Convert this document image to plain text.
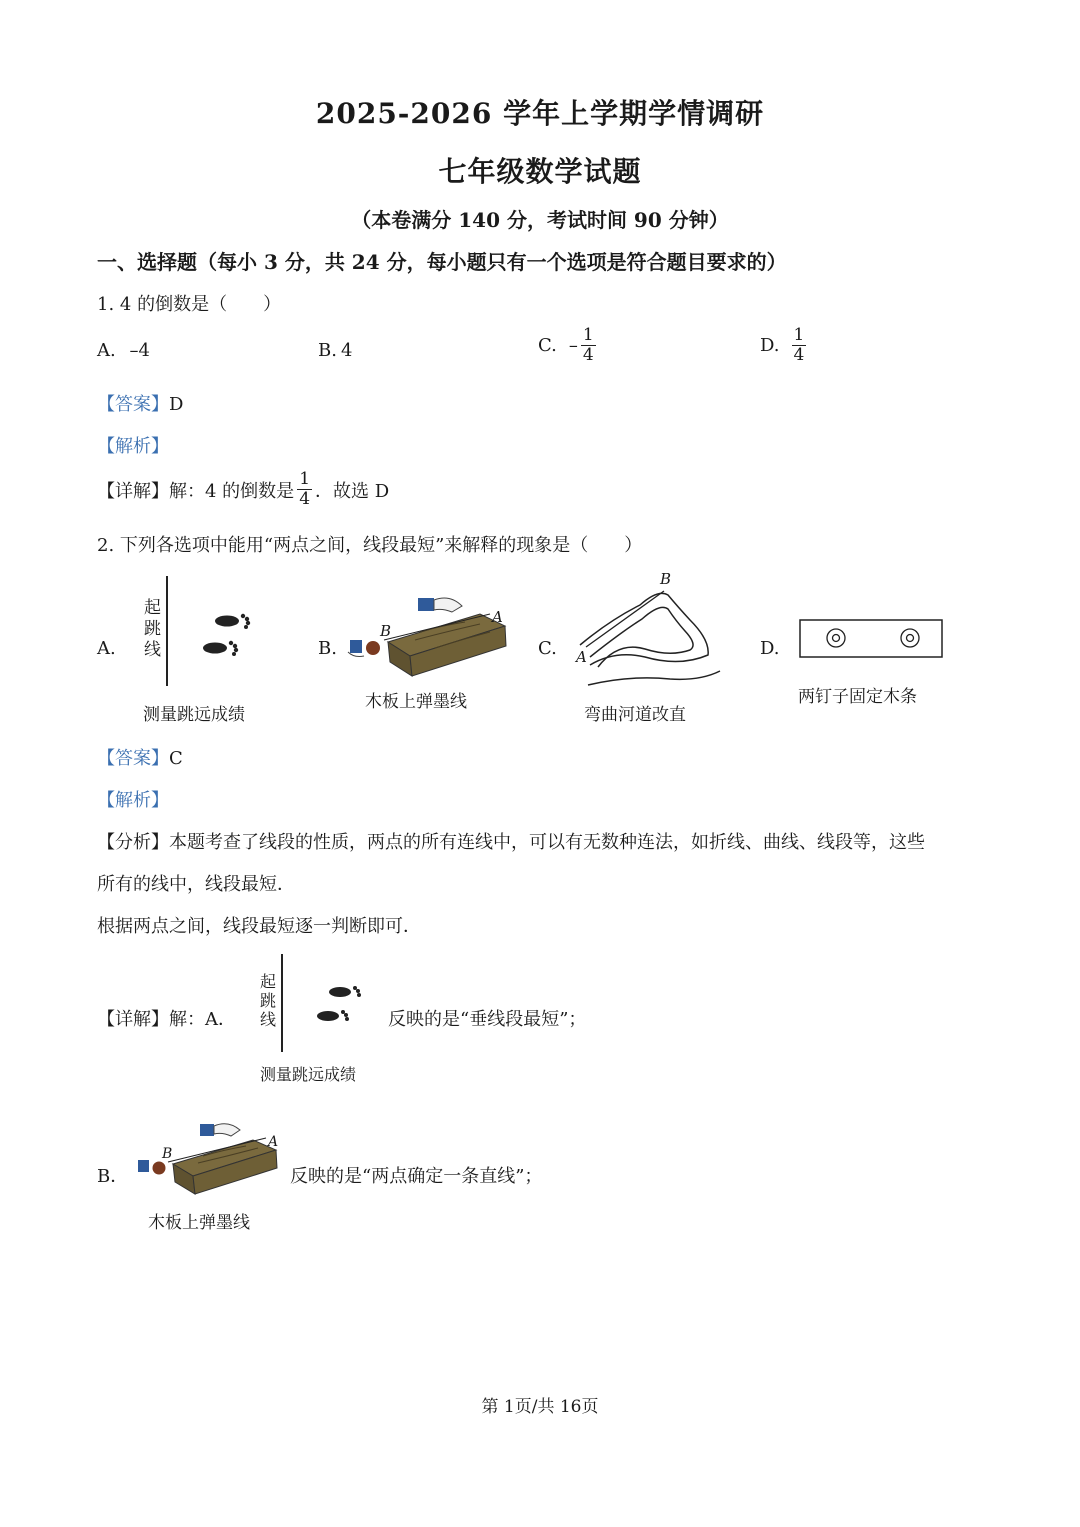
2025-2026 学年上学期学情调研
七年级数学试题
（本卷满分 140 分，考试时间 90 分钟）
一、选择题（每小 3 分，共 24 分，每小题只有一个选项是符合题目要求的）
1. 4 的倒数是（　　）
A. –4	B. 4	C. – $\frac{1}{4}$	D. $\frac{1}{4}$
【答案】D
【解析】
【详解】 解：4 的倒数是 $\frac{1}{4}$ ．故选 D
2. 下列各选项中能用“两点之间，线段最短”来解释的现象是（　　）
A.
起跳线
测量跳远成绩
B.
B
A
木板上弹墨线
C.
B
A
弯曲河道改直
D.
两钉子固定木条
【答案】C
【解析】
【分析】本题考查了线段的性质，两点的所有连线中，可以有无数种连法，如折线、曲线、线段等，这些
所有的线中，线段最短．
根据两点之间，线段最短逐一判断即可．
【详解】解：A．
起跳线	反映的是“垂线段最短”；
测量跳远成绩
B．
B
A
反映的是“两点确定一条直线”；
木板上弹墨线
第 1页/共 16页
